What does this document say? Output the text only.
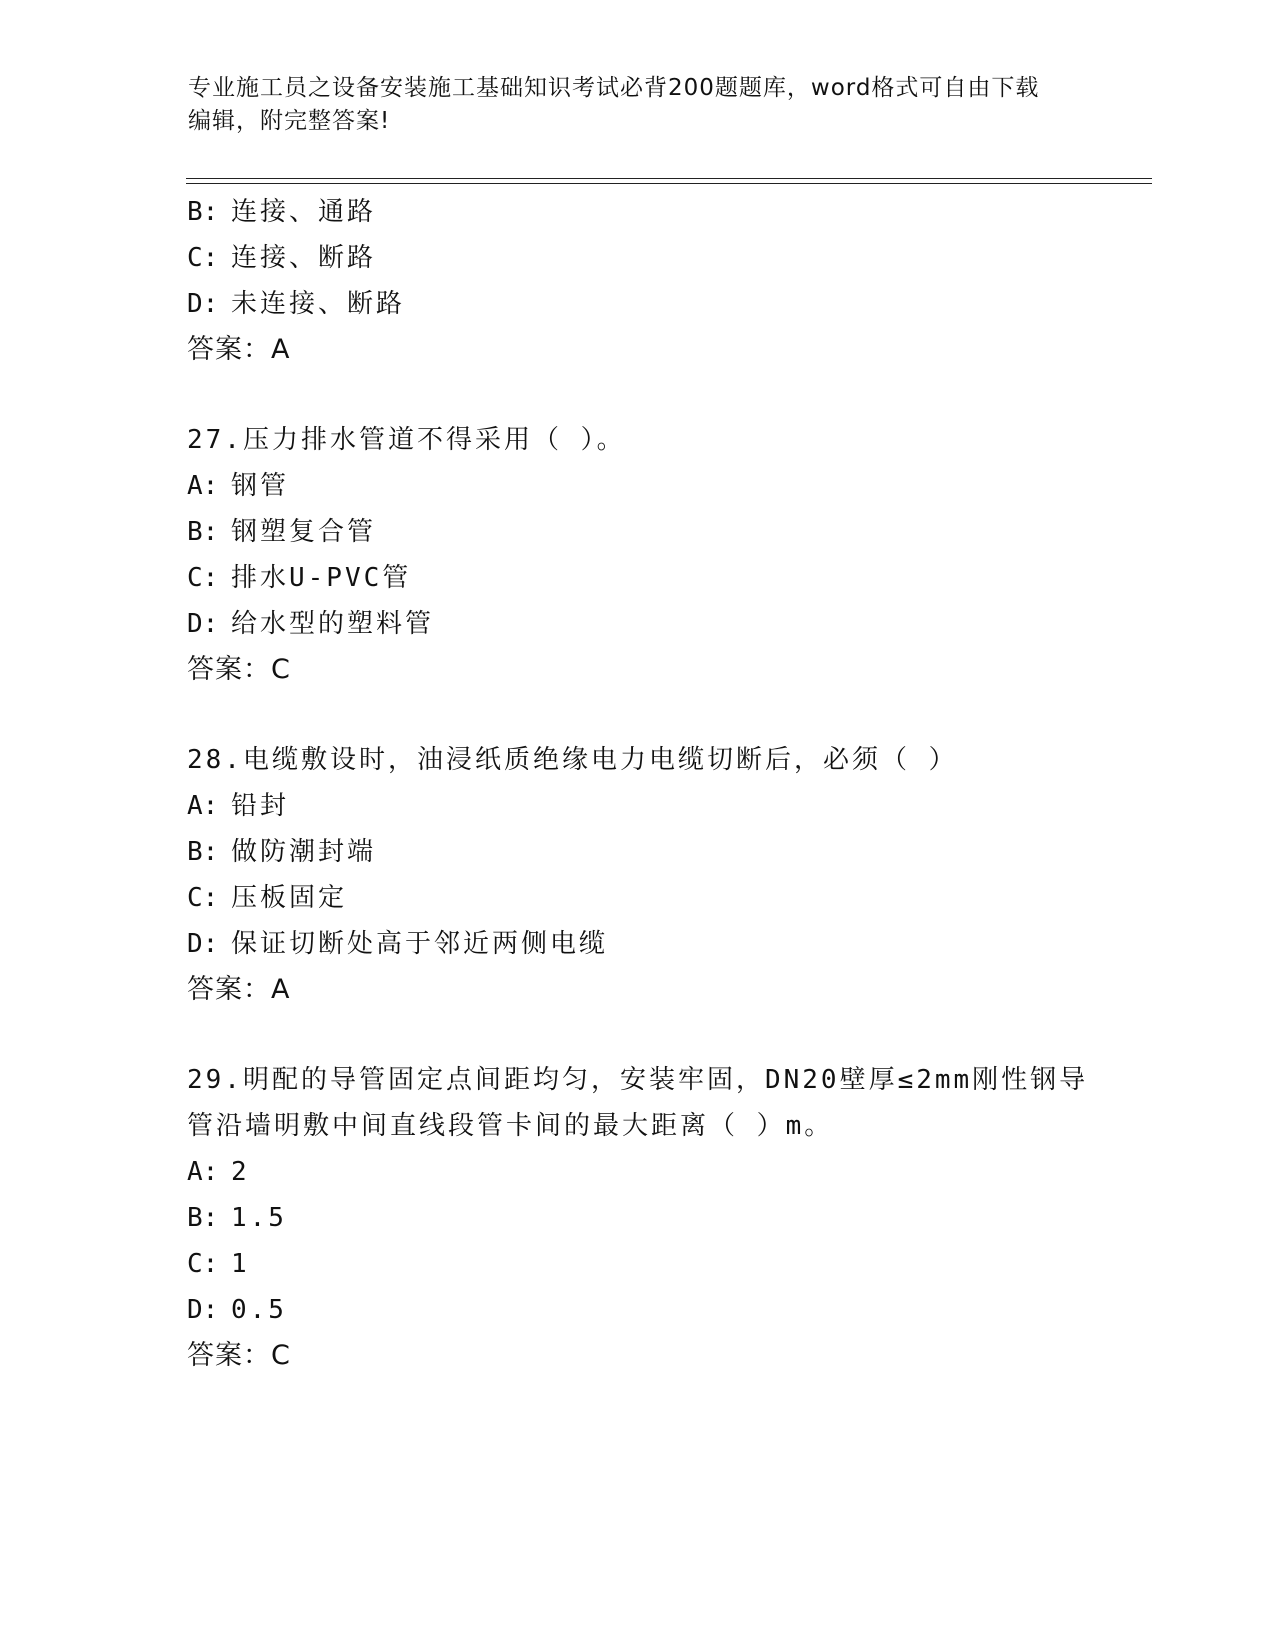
专业施工员之设备安装施工基础知识考试必背200题题库，word格式可自由下载
编辑，附完整答案!
B: 连接、通路
C: 连接、断路
D: 未连接、断路
答案：A
27.压力排水管道不得采用（ ）。
A: 钢管
B: 钢塑复合管
C: 排水U-PVC管
D: 给水型的塑料管
答案：C
28.电缆敷设时，油浸纸质绝缘电力电缆切断后，必须（ ）
A: 铅封
B: 做防潮封端
C: 压板固定
D: 保证切断处高于邻近两侧电缆
答案：A
29.明配的导管固定点间距均匀，安装牢固，DN20壁厚≤2mm刚性钢导
管沿墙明敷中间直线段管卡间的最大距离（ ）m。
A: 2
B: 1.5
C: 1
D: 0.5
答案：C
